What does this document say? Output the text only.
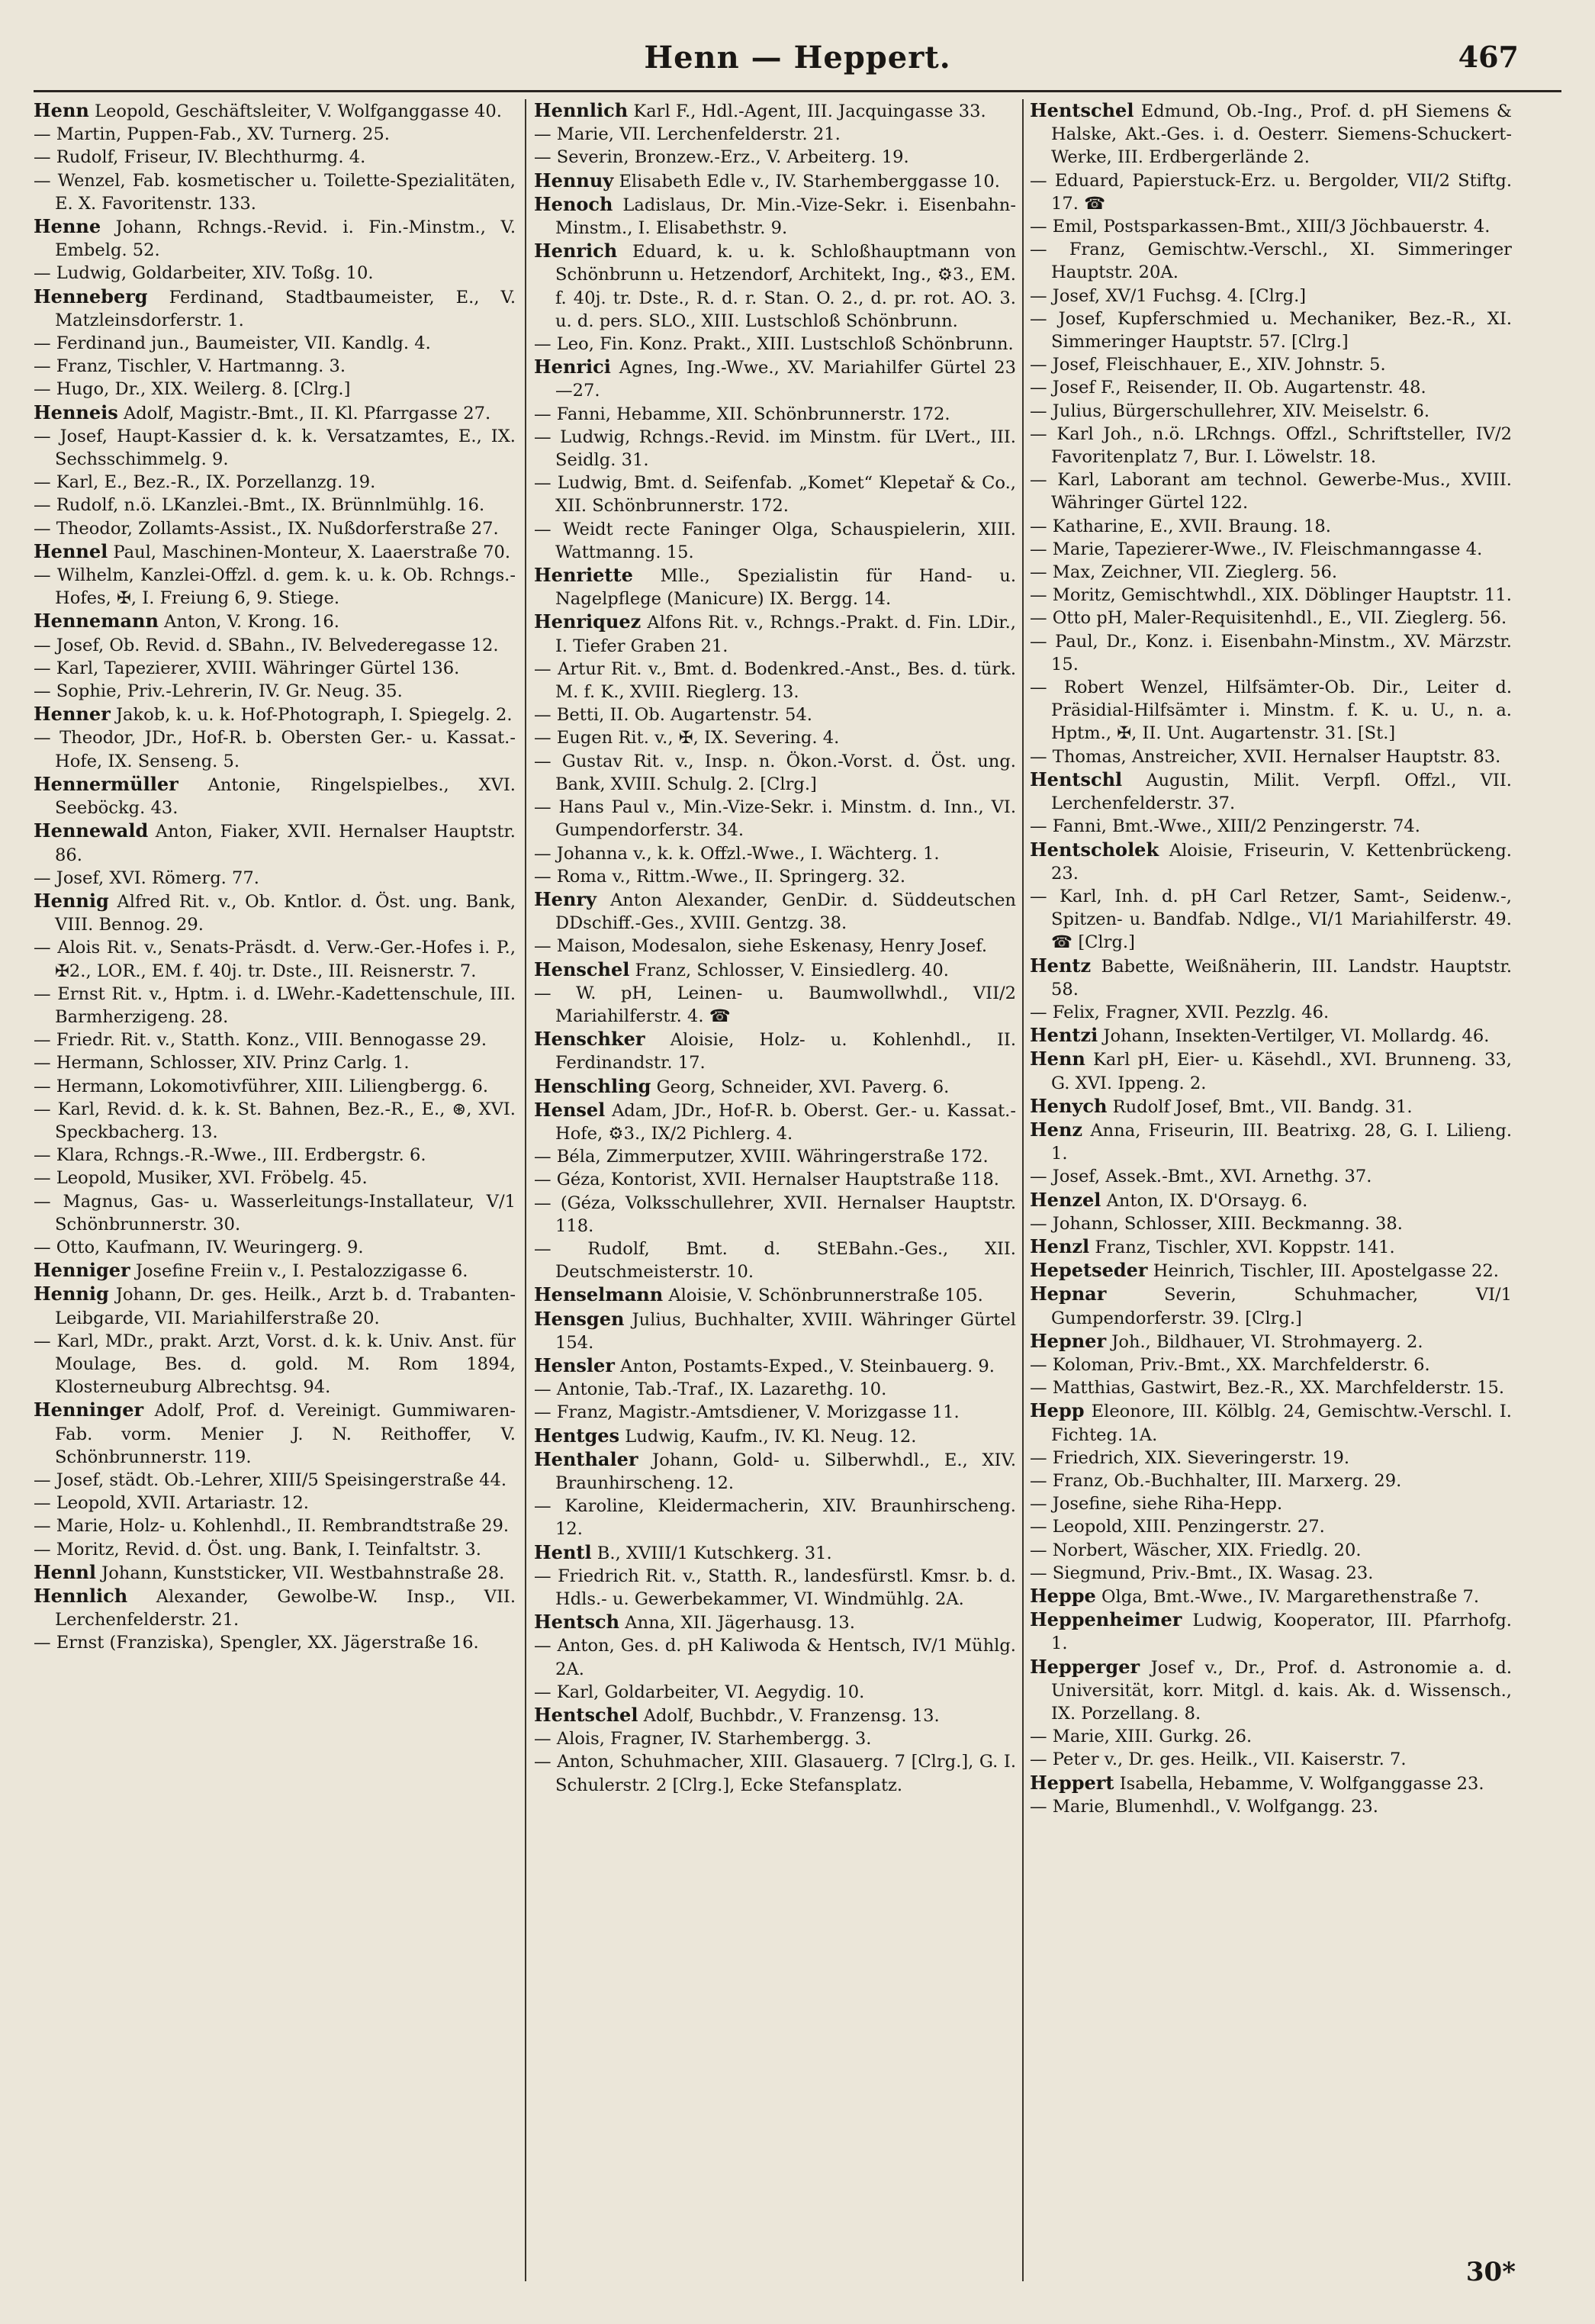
Henn — Heppert.	467

Henn Leopold, Geschäftsleiter, V. Wolfganggasse 40.

— Martin, Puppen-Fab., XV. Turnerg. 25.

— Rudolf, Friseur, IV. Blechthurmg. 4.

— Wenzel, Fab. kosmetischer u. Toilette-Spezialitäten, E. X. Favoritenstr. 133.

Henne Johann, Rchngs.-Revid. i. Fin.-Minstm., V. Embelg. 52.

— Ludwig, Goldarbeiter, XIV. Toßg. 10.

Henneberg Ferdinand, Stadtbaumeister, E., V. Matzleinsdorferstr. 1.

— Ferdinand jun., Baumeister, VII. Kandlg. 4.

— Franz, Tischler, V. Hartmanng. 3.

— Hugo, Dr., XIX. Weilerg. 8. [Clrg.]

Henneis Adolf, Magistr.-Bmt., II. Kl. Pfarrgasse 27.

— Josef, Haupt-Kassier d. k. k. Versatzamtes, E., IX. Sechsschimmelg. 9.

— Karl, E., Bez.-R., IX. Porzellanzg. 19.

— Rudolf, n.ö. LKanzlei.-Bmt., IX. Brünnlmühlg. 16.

— Theodor, Zollamts-Assist., IX. Nußdorferstraße 27.

Hennel Paul, Maschinen-Monteur, X. Laaerstraße 70.

— Wilhelm, Kanzlei-Offzl. d. gem. k. u. k. Ob. Rchngs.-Hofes, ✠, I. Freiung 6, 9. Stiege.

Hennemann Anton, V. Krong. 16.

— Josef, Ob. Revid. d. SBahn., IV. Belvederegasse 12.

— Karl, Tapezierer, XVIII. Währinger Gürtel 136.

— Sophie, Priv.-Lehrerin, IV. Gr. Neug. 35.

Henner Jakob, k. u. k. Hof-Photograph, I. Spiegelg. 2.

— Theodor, JDr., Hof-R. b. Obersten Ger.- u. Kassat.-Hofe, IX. Senseng. 5.

Hennermüller Antonie, Ringelspielbes., XVI. Seeböckg. 43.

Hennewald Anton, Fiaker, XVII. Hernalser Hauptstr. 86.

— Josef, XVI. Römerg. 77.

Hennig Alfred Rit. v., Ob. Kntlor. d. Öst. ung. Bank, VIII. Bennog. 29.

— Alois Rit. v., Senats-Präsdt. d. Verw.-Ger.-Hofes i. P., ✠2., LOR., EM. f. 40j. tr. Dste., III. Reisnerstr. 7.

— Ernst Rit. v., Hptm. i. d. LWehr.-Kadettenschule, III. Barmherzigeng. 28.

— Friedr. Rit. v., Statth. Konz., VIII. Bennogasse 29.

— Hermann, Schlosser, XIV. Prinz Carlg. 1.

— Hermann, Lokomotivführer, XIII. Liliengbergg. 6.

— Karl, Revid. d. k. k. St. Bahnen, Bez.-R., E., ⊛, XVI. Speckbacherg. 13.

— Klara, Rchngs.-R.-Wwe., III. Erdbergstr. 6.

— Leopold, Musiker, XVI. Fröbelg. 45.

— Magnus, Gas- u. Wasserleitungs-Installateur, V/1 Schönbrunnerstr. 30.

— Otto, Kaufmann, IV. Weuringerg. 9.

Henniger Josefine Freiin v., I. Pestalozzigasse 6.

Hennig Johann, Dr. ges. Heilk., Arzt b. d. Trabanten-Leibgarde, VII. Mariahilferstraße 20.

— Karl, MDr., prakt. Arzt, Vorst. d. k. k. Univ. Anst. für Moulage, Bes. d. gold. M. Rom 1894, Klosterneuburg Albrechtsg. 94.

Henninger Adolf, Prof. d. Vereinigt. Gummiwaren-Fab. vorm. Menier J. N. Reithoffer, V. Schönbrunnerstr. 119.

— Josef, städt. Ob.-Lehrer, XIII/5 Speisingerstraße 44.

— Leopold, XVII. Artariastr. 12.

— Marie, Holz- u. Kohlenhdl., II. Rembrandtstraße 29.

— Moritz, Revid. d. Öst. ung. Bank, I. Teinfaltstr. 3.

Hennl Johann, Kunststicker, VII. Westbahnstraße 28.

Hennlich Alexander, Gewolbe-W. Insp., VII. Lerchenfelderstr. 21.

— Ernst (Franziska), Spengler, XX. Jägerstraße 16.

Hennlich Karl F., Hdl.-Agent, III. Jacquingasse 33.

— Marie, VII. Lerchenfelderstr. 21.

— Severin, Bronzew.-Erz., V. Arbeiterg. 19.

Hennuy Elisabeth Edle v., IV. Starhemberggasse 10.

Henoch Ladislaus, Dr. Min.-Vize-Sekr. i. Eisenbahn-Minstm., I. Elisabethstr. 9.

Henrich Eduard, k. u. k. Schloßhauptmann von Schönbrunn u. Hetzendorf, Architekt, Ing., ⚙3., EM. f. 40j. tr. Dste., R. d. r. Stan. O. 2., d. pr. rot. AO. 3. u. d. pers. SLO., XIII. Lustschloß Schönbrunn.

— Leo, Fin. Konz. Prakt., XIII. Lustschloß Schönbrunn.

Henrici Agnes, Ing.-Wwe., XV. Mariahilfer Gürtel 23—27.

— Fanni, Hebamme, XII. Schönbrunnerstr. 172.

— Ludwig, Rchngs.-Revid. im Minstm. für LVert., III. Seidlg. 31.

— Ludwig, Bmt. d. Seifenfab. „Komet“ Klepetař & Co., XII. Schönbrunnerstr. 172.

— Weidt recte Faninger Olga, Schauspielerin, XIII. Wattmanng. 15.

Henriette Mlle., Spezialistin für Hand- u. Nagelpflege (Manicure) IX. Bergg. 14.

Henriquez Alfons Rit. v., Rchngs.-Prakt. d. Fin. LDir., I. Tiefer Graben 21.

— Artur Rit. v., Bmt. d. Bodenkred.-Anst., Bes. d. türk. M. f. K., XVIII. Rieglerg. 13.

— Betti, II. Ob. Augartenstr. 54.

— Eugen Rit. v., ✠, IX. Severing. 4.

— Gustav Rit. v., Insp. n. Ökon.-Vorst. d. Öst. ung. Bank, XVIII. Schulg. 2. [Clrg.]

— Hans Paul v., Min.-Vize-Sekr. i. Minstm. d. Inn., VI. Gumpendorferstr. 34.

— Johanna v., k. k. Offzl.-Wwe., I. Wächterg. 1.

— Roma v., Rittm.-Wwe., II. Springerg. 32.

Henry Anton Alexander, GenDir. d. Süddeutschen DDschiff.-Ges., XVIII. Gentzg. 38.

— Maison, Modesalon, siehe Eskenasy, Henry Josef.

Henschel Franz, Schlosser, V. Einsiedlerg. 40.

— W. pH, Leinen- u. Baumwollwhdl., VII/2 Mariahilferstr. 4. ☎

Henschker Aloisie, Holz- u. Kohlenhdl., II. Ferdinandstr. 17.

Henschling Georg, Schneider, XVI. Paverg. 6.

Hensel Adam, JDr., Hof-R. b. Oberst. Ger.- u. Kassat.-Hofe, ⚙3., IX/2 Pichlerg. 4.

— Béla, Zimmerputzer, XVIII. Währingerstraße 172.

— Géza, Kontorist, XVII. Hernalser Hauptstraße 118.

— (Géza, Volksschullehrer, XVII. Hernalser Hauptstr. 118.

— Rudolf, Bmt. d. StEBahn.-Ges., XII. Deutschmeisterstr. 10.

Henselmann Aloisie, V. Schönbrunnerstraße 105.

Hensgen Julius, Buchhalter, XVIII. Währinger Gürtel 154.

Hensler Anton, Postamts-Exped., V. Steinbauerg. 9.

— Antonie, Tab.-Traf., IX. Lazarethg. 10.

— Franz, Magistr.-Amtsdiener, V. Morizgasse 11.

Hentges Ludwig, Kaufm., IV. Kl. Neug. 12.

Henthaler Johann, Gold- u. Silberwhdl., E., XIV. Braunhirscheng. 12.

— Karoline, Kleidermacherin, XIV. Braunhirscheng. 12.

Hentl B., XVIII/1 Kutschkerg. 31.

— Friedrich Rit. v., Statth. R., landesfürstl. Kmsr. b. d. Hdls.- u. Gewerbekammer, VI. Windmühlg. 2A.

Hentsch Anna, XII. Jägerhausg. 13.

— Anton, Ges. d. pH Kaliwoda & Hentsch, IV/1 Mühlg. 2A.

— Karl, Goldarbeiter, VI. Aegydig. 10.

Hentschel Adolf, Buchbdr., V. Franzensg. 13.

— Alois, Fragner, IV. Starhembergg. 3.

— Anton, Schuhmacher, XIII. Glasauerg. 7 [Clrg.], G. I. Schulerstr. 2 [Clrg.], Ecke Stefansplatz.

Hentschel Edmund, Ob.-Ing., Prof. d. pH Siemens & Halske, Akt.-Ges. i. d. Oesterr. Siemens-Schuckert-Werke, III. Erdbergerlände 2.

— Eduard, Papierstuck-Erz. u. Bergolder, VII/2 Stiftg. 17. ☎

— Emil, Postsparkassen-Bmt., XIII/3 Jöchbauerstr. 4.

— Franz, Gemischtw.-Verschl., XI. Simmeringer Hauptstr. 20A.

— Josef, XV/1 Fuchsg. 4. [Clrg.]

— Josef, Kupferschmied u. Mechaniker, Bez.-R., XI. Simmeringer Hauptstr. 57. [Clrg.]

— Josef, Fleischhauer, E., XIV. Johnstr. 5.

— Josef F., Reisender, II. Ob. Augartenstr. 48.

— Julius, Bürgerschullehrer, XIV. Meiselstr. 6.

— Karl Joh., n.ö. LRchngs. Offzl., Schriftsteller, IV/2 Favoritenplatz 7, Bur. I. Löwelstr. 18.

— Karl, Laborant am technol. Gewerbe-Mus., XVIII. Währinger Gürtel 122.

— Katharine, E., XVII. Braung. 18.

— Marie, Tapezierer-Wwe., IV. Fleischmanngasse 4.

— Max, Zeichner, VII. Zieglerg. 56.

— Moritz, Gemischtwhdl., XIX. Döblinger Hauptstr. 11.

— Otto pH, Maler-Requisitenhdl., E., VII. Zieglerg. 56.

— Paul, Dr., Konz. i. Eisenbahn-Minstm., XV. Märzstr. 15.

— Robert Wenzel, Hilfsämter-Ob. Dir., Leiter d. Präsidial-Hilfsämter i. Minstm. f. K. u. U., n. a. Hptm., ✠, II. Unt. Augartenstr. 31. [St.]

— Thomas, Anstreicher, XVII. Hernalser Hauptstr. 83.

Hentschl Augustin, Milit. Verpfl. Offzl., VII. Lerchenfelderstr. 37.

— Fanni, Bmt.-Wwe., XIII/2 Penzingerstr. 74.

Hentscholek Aloisie, Friseurin, V. Kettenbrückeng. 23.

— Karl, Inh. d. pH Carl Retzer, Samt-, Seidenw.-, Spitzen- u. Bandfab. Ndlge., VI/1 Mariahilferstr. 49. ☎ [Clrg.]

Hentz Babette, Weißnäherin, III. Landstr. Hauptstr. 58.

— Felix, Fragner, XVII. Pezzlg. 46.

Hentzi Johann, Insekten-Vertilger, VI. Mollardg. 46.

Henn Karl pH, Eier- u. Käsehdl., XVI. Brunneng. 33, G. XVI. Ippeng. 2.

Henych Rudolf Josef, Bmt., VII. Bandg. 31.

Henz Anna, Friseurin, III. Beatrixg. 28, G. I. Lilieng. 1.

— Josef, Assek.-Bmt., XVI. Arnethg. 37.

Henzel Anton, IX. D'Orsayg. 6.

— Johann, Schlosser, XIII. Beckmanng. 38.

Henzl Franz, Tischler, XVI. Koppstr. 141.

Hepetseder Heinrich, Tischler, III. Apostelgasse 22.

Hepnar	Severin, Schuhmacher, VI/1 Gumpendorferstr. 39. [Clrg.]

Hepner Joh., Bildhauer, VI. Strohmayerg. 2.

— Koloman, Priv.-Bmt., XX. Marchfelderstr. 6.

— Matthias, Gastwirt, Bez.-R., XX. Marchfelderstr. 15.

Hepp Eleonore, III. Kölblg. 24, Gemischtw.-Verschl. I. Fichteg. 1A.

— Friedrich, XIX. Sieveringerstr. 19.

— Franz, Ob.-Buchhalter, III. Marxerg. 29.

— Josefine, siehe Riha-Hepp.

— Leopold, XIII. Penzingerstr. 27.

— Norbert, Wäscher, XIX. Friedlg. 20.

— Siegmund, Priv.-Bmt., IX. Wasag. 23.

Heppe Olga, Bmt.-Wwe., IV. Margarethenstraße 7.

Heppenheimer Ludwig, Kooperator, III. Pfarrhofg. 1.

Hepperger Josef v., Dr., Prof. d. Astronomie a. d. Universität, korr. Mitgl. d. kais. Ak. d. Wissensch., IX. Porzellang. 8.

— Marie, XIII. Gurkg. 26.

— Peter v., Dr. ges. Heilk., VII. Kaiserstr. 7.

Heppert Isabella, Hebamme, V. Wolfganggasse 23.

— Marie, Blumenhdl., V. Wolfgangg. 23.

30*
